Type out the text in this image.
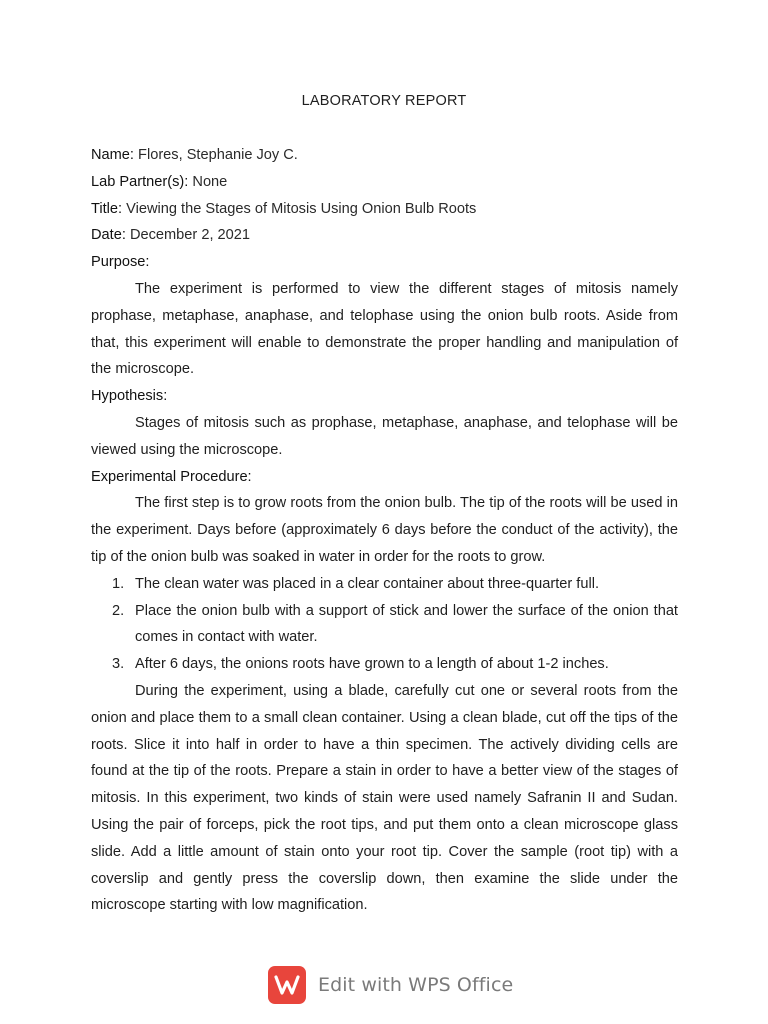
LABORATORY REPORT

Name: Flores, Stephanie Joy C.

Lab Partner(s): None

Title: Viewing the Stages of Mitosis Using Onion Bulb Roots

Date: December 2, 2021

Purpose:

The experiment is performed to view the different stages of mitosis namely prophase, metaphase, anaphase, and telophase using the onion bulb roots. Aside from that, this experiment will enable to demonstrate the proper handling and manipulation of the microscope.

Hypothesis:

Stages of mitosis such as prophase, metaphase, anaphase, and telophase will be viewed using the microscope.

Experimental Procedure:

The first step is to grow roots from the onion bulb. The tip of the roots will be used in the experiment. Days before (approximately 6 days before the conduct of the activity), the tip of the onion bulb was soaked in water in order for the roots to grow.

1. The clean water was placed in a clear container about three-quarter full.
2. Place the onion bulb with a support of stick and lower the surface of the onion that comes in contact with water.
3. After 6 days, the onions roots have grown to a length of about 1-2 inches.

During the experiment, using a blade, carefully cut one or several roots from the onion and place them to a small clean container. Using a clean blade, cut off the tips of the roots. Slice it into half in order to have a thin specimen. The actively dividing cells are found at the tip of the roots. Prepare a stain in order to have a better view of the stages of mitosis. In this experiment, two kinds of stain were used namely Safranin II and Sudan. Using the pair of forceps, pick the root tips, and put them onto a clean microscope glass slide. Add a little amount of stain onto your root tip. Cover the sample (root tip) with a coverslip and gently press the coverslip down, then examine the slide under the microscope starting with low magnification.

Edit with WPS Office
